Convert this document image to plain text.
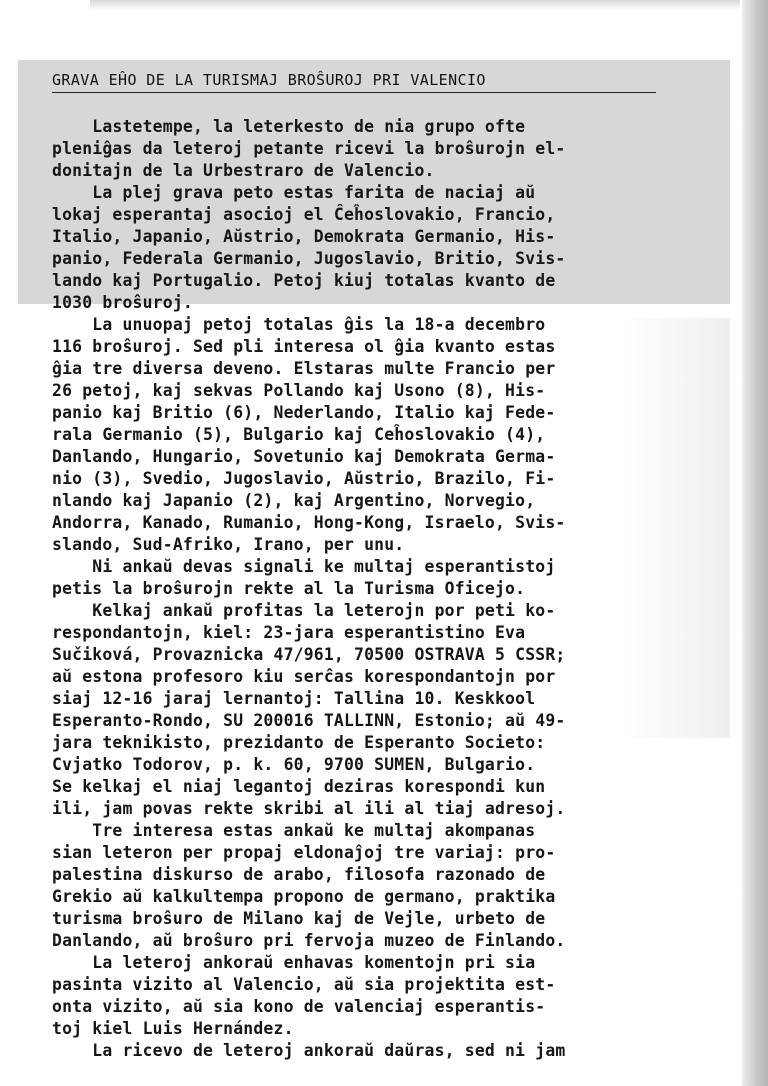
GRAVA EĤO DE LA TURISMAJ BROŜUROJ PRI VALENCIO
Lastetempe, la leterkesto de nia grupo ofte
pleniĝas da leteroj petante ricevi la broŝurojn el-
donitajn de la Urbestraro de Valencio.
La plej grava peto estas farita de naciaj aŭ
lokaj esperantaj asocioj el Ĉeĥoslovakio, Francio,
Italio, Japanio, Aŭstrio, Demokrata Germanio, His-
panio, Federala Germanio, Jugoslavio, Britio, Svis-
lando kaj Portugalio. Petoj kiuj totalas kvanto de
1030 broŝuroj.
La unuopaj petoj totalas ĝis la 18-a decembro
116 broŝuroj. Sed pli interesa ol ĝia kvanto estas
ĝia tre diversa deveno. Elstaras multe Francio per
26 petoj, kaj sekvas Pollando kaj Usono (8), His-
panio kaj Britio (6), Nederlando, Italio kaj Fede-
rala Germanio (5), Bulgario kaj Ceĥoslovakio (4),
Danlando, Hungario, Sovetunio kaj Demokrata Germa-
nio (3), Svedio, Jugoslavio, Aŭstrio, Brazilo, Fi-
nlando kaj Japanio (2), kaj Argentino, Norvegio,
Andorra, Kanado, Rumanio, Hong-Kong, Israelo, Svis-
slando, Sud-Afriko, Irano, per unu.
Ni ankaŭ devas signali ke multaj esperantistoj
petis la broŝurojn rekte al la Turisma Oficejo.
Kelkaj ankaŭ profitas la leterojn por peti ko-
respondantojn, kiel: 23-jara esperantistino Eva
Sučiková, Provaznicka 47/961, 70500 OSTRAVA 5 CSSR;
aŭ estona profesoro kiu serĉas korespondantojn por
siaj 12-16 jaraj lernantoj: Tallina 10. Keskkool
Esperanto-Rondo, SU 200016 TALLINN, Estonio; aŭ 49-
jara teknikisto, prezidanto de Esperanto Societo:
Cvjatko Todorov, p. k. 60, 9700 SUMEN, Bulgario.
Se kelkaj el niaj legantoj deziras korespondi kun
ili, jam povas rekte skribi al ili al tiaj adresoj.
Tre interesa estas ankaŭ ke multaj akompanas
sian leteron per propaj eldonaĵoj tre variaj: pro-
palestina diskurso de arabo, filosofa razonado de
Grekio aŭ kalkultempa propono de germano, praktika
turisma broŝuro de Milano kaj de Vejle, urbeto de
Danlando, aŭ broŝuro pri fervoja muzeo de Finlando.
La leteroj ankoraŭ enhavas komentojn pri sia
pasinta vizito al Valencio, aŭ sia projektita est-
onta vizito, aŭ sia kono de valenciaj esperantis-
toj kiel Luis Hernández.
La ricevo de leteroj ankoraŭ daŭras, sed ni jam
